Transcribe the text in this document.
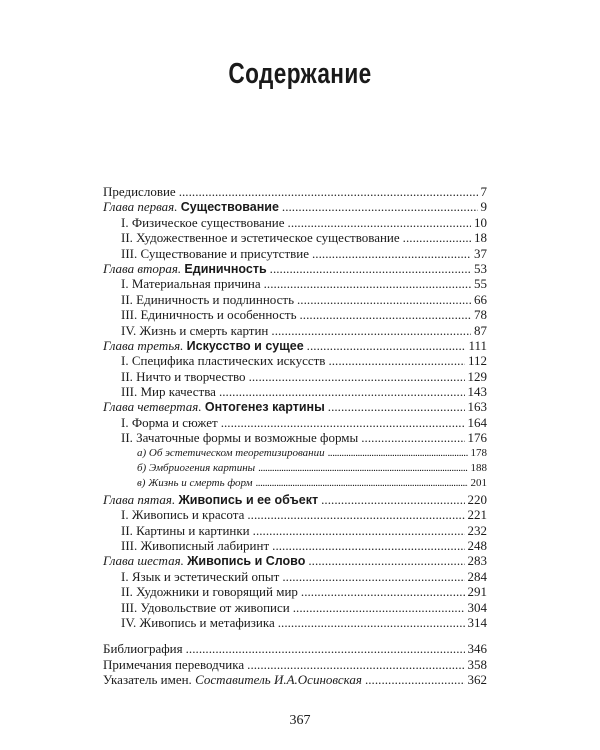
Содержание
Предисловие . . .	7
Глава первая. Существование . . .	9
I. Физическое существование . . .	10
II. Художественное и эстетическое существование . . .	18
III. Существование и присутствие . . .	37
Глава вторая. Единичность . . .	53
I. Материальная причина . . .	55
II. Единичность и подлинность . . .	66
III. Единичность и особенность . . .	78
IV. Жизнь и смерть картин . . .	87
Глава третья. Искусство и сущее . . .	111
I. Специфика пластических искусств . . .	112
II. Ничто и творчество . . .	129
III. Мир качества . . .	143
Глава четвертая. Онтогенез картины . . .	163
I. Форма и сюжет . . .	164
II. Зачаточные формы и возможные формы . . .	176
а) Об эстетическом теоретизировании . . .	178
б) Эмбриогения картины . . .	188
в) Жизнь и смерть форм . . .	201
Глава пятая. Живопись и ее объект . . .	220
I. Живопись и красота . . .	221
II. Картины и картинки . . .	232
III. Живописный лабиринт . . .	248
Глава шестая. Живопись и Слово . . .	283
I. Язык и эстетический опыт . . .	284
II. Художники и говорящий мир . . .	291
III. Удовольствие от живописи . . .	304
IV. Живопись и метафизика . . .	314
Библиография . . .	346
Примечания переводчика . . .	358
Указатель имен. Составитель И.А.Осиновская . . .	362
367
